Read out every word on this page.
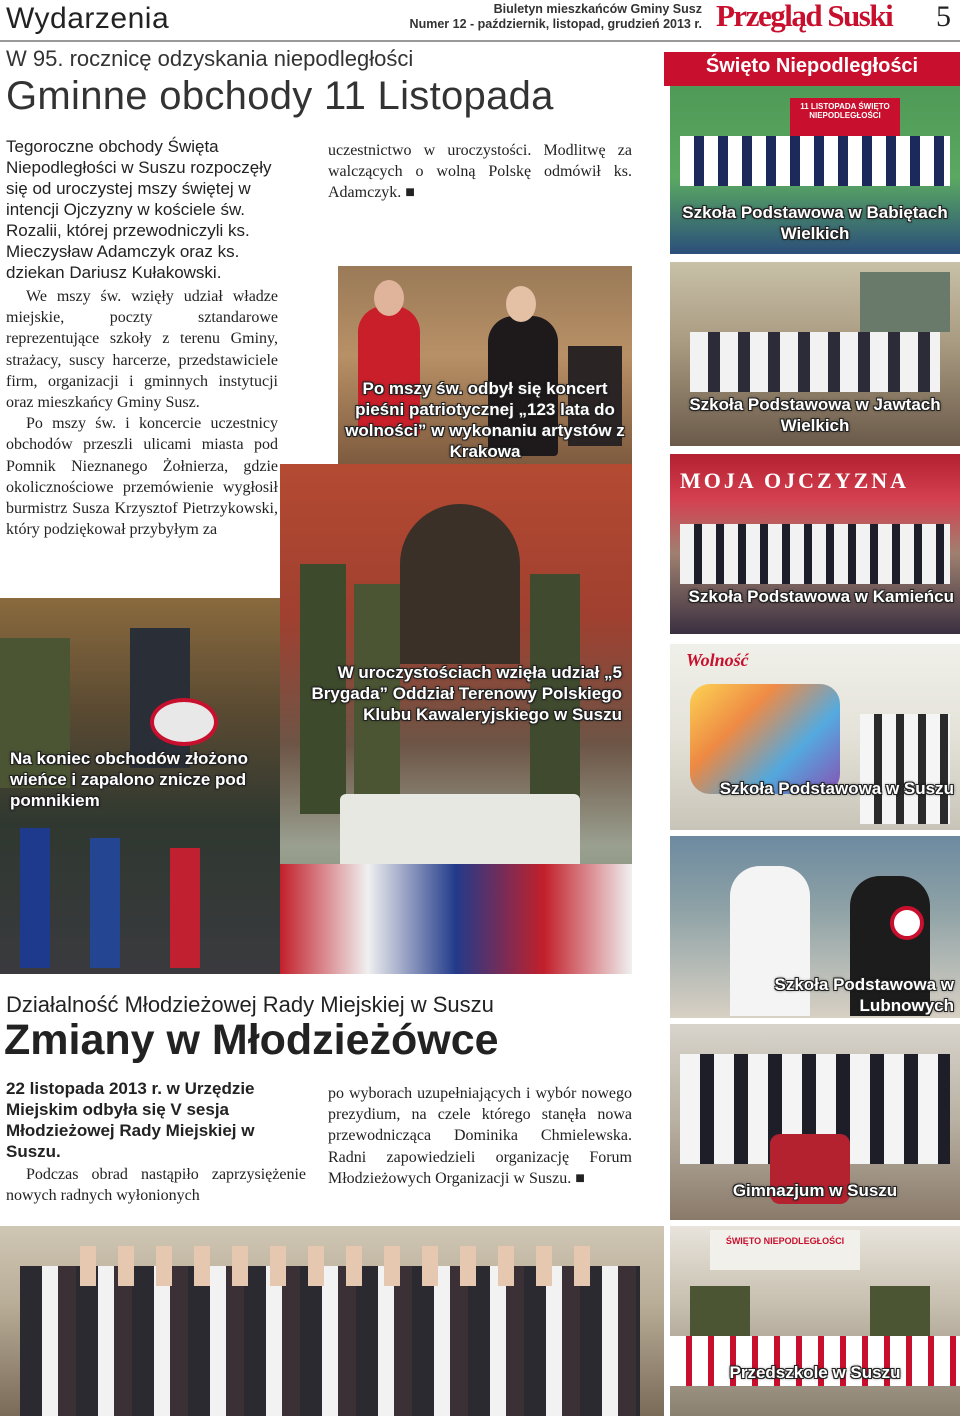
Wydarzenia	Biuletyn mieszkańców Gminy Susz
Numer 12 - październik, listopad, grudzień 2013 r. Przegląd Suski 5
W 95. rocznicę odzyskania niepodległości
Gminne obchody 11 Listopada
Tegoroczne obchody Święta Niepodległości w Suszu rozpoczęły się od uroczystej mszy świętej w intencji Ojczyzny w kościele św. Rozalii, której przewodniczyli ks. Mieczysław Adamczyk oraz ks. dziekan Dariusz Kułakowski.

We mszy św. wzięły udział władze miejskie, poczty sztandarowe reprezentujące szkoły z terenu Gminy, strażacy, suscy harcerze, przedstawiciele firm, organizacji i gminnych instytucji oraz mieszkańcy Gminy Susz.

Po mszy św. i koncercie uczestnicy obchodów przeszli ulicami miasta pod Pomnik Nieznanego Żołnierza, gdzie okolicznościowe przemówienie wygłosił burmistrz Susza Krzysztof Pietrzykowski, który podziękował przybyłym za

uczestnictwo w uroczystości. Modlitwę za walczących o wolną Polskę odmówił ks. Adamczyk. ■
Po mszy św. odbył się koncert pieśni patriotycznej „123 lata do wolności” w wykonaniu artystów z Krakowa
W uroczystościach wzięła udział „5 Brygada” Oddział Terenowy Polskiego Klubu Kawaleryjskiego w Suszu
Na koniec obchodów złożono wieńce i zapalono znicze pod pomnikiem
Święto Niepodległości
11 LISTOPADA ŚWIĘTO NIEPODLEGŁOŚCI
Szkoła Podstawowa w Babiętach Wielkich
Szkoła Podstawowa w Jawtach Wielkich
MOJA OJCZYZNA
Szkoła Podstawowa w Kamieńcu
Wolność
Szkoła Podstawowa w Suszu
Szkoła Podstawowa w Lubnowych
Gimnazjum w Suszu
ŚWIĘTO NIEPODLEGŁOŚCI
Przedszkole w Suszu
Działalność Młodzieżowej Rady Miejskiej w Suszu
Zmiany w Młodzieżówce
22 listopada 2013 r. w Urzędzie Miejskim odbyła się V sesja Młodzieżowej Rady Miejskiej w Suszu.

Podczas obrad nastąpiło zaprzysiężenie nowych radnych wyłonionych

po wyborach uzupełniających i wybór nowego prezydium, na czele którego stanęła nowa przewodnicząca Dominika Chmielewska. Radni zapowiedzieli organizację Forum Młodzieżowych Organizacji w Suszu. ■
